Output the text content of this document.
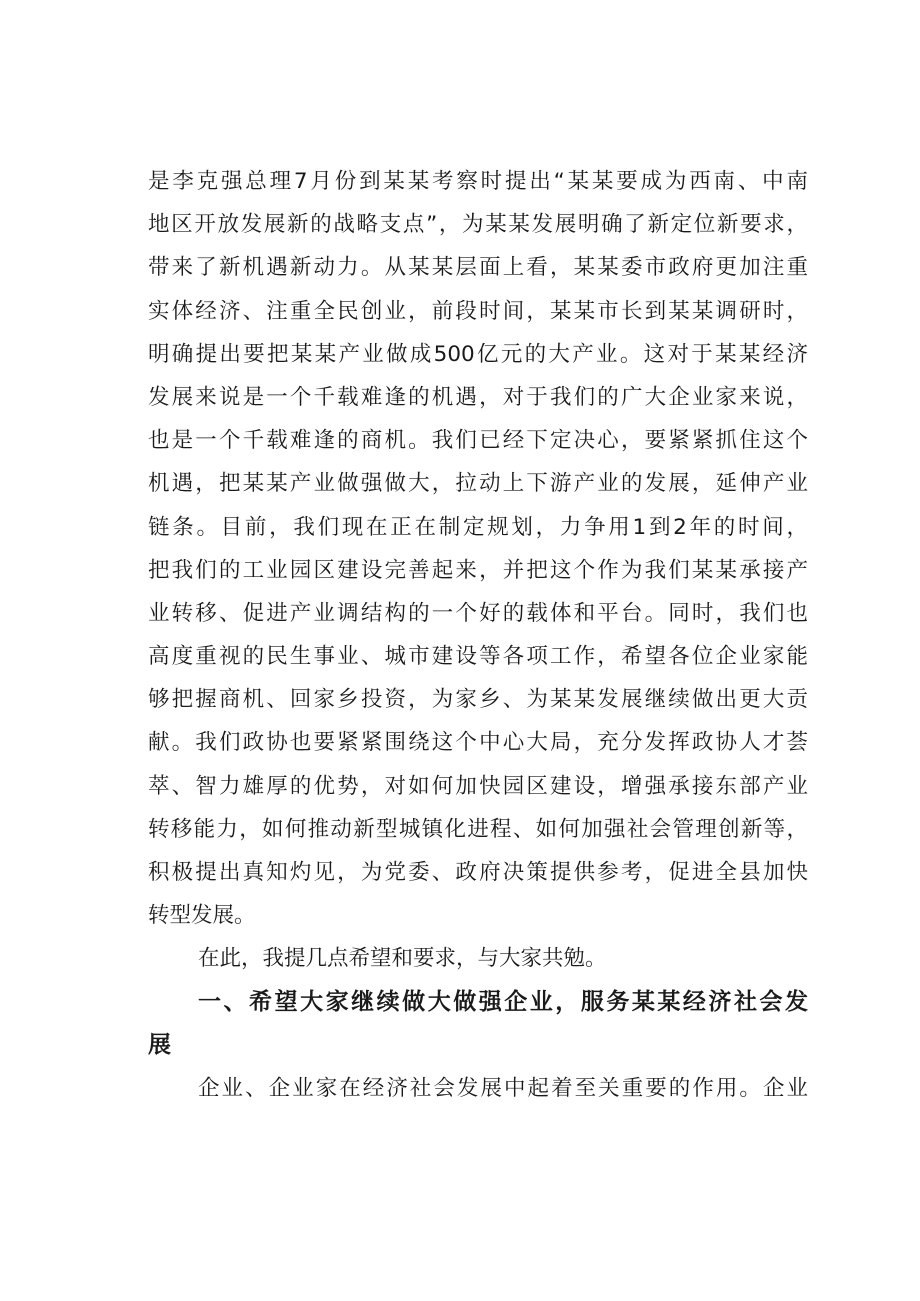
是李克强总理7月份到某某考察时提出“某某要成为西南、中南
地区开放发展新的战略支点”，为某某发展明确了新定位新要求，
带来了新机遇新动力。从某某层面上看，某某委市政府更加注重
实体经济、注重全民创业，前段时间，某某市长到某某调研时，
明确提出要把某某产业做成500亿元的大产业。这对于某某经济
发展来说是一个千载难逢的机遇，对于我们的广大企业家来说，
也是一个千载难逢的商机。我们已经下定决心，要紧紧抓住这个
机遇，把某某产业做强做大，拉动上下游产业的发展，延伸产业
链条。目前，我们现在正在制定规划，力争用1到2年的时间，
把我们的工业园区建设完善起来，并把这个作为我们某某承接产
业转移、促进产业调结构的一个好的载体和平台。同时，我们也
高度重视的民生事业、城市建设等各项工作，希望各位企业家能
够把握商机、回家乡投资，为家乡、为某某发展继续做出更大贡
献。我们政协也要紧紧围绕这个中心大局，充分发挥政协人才荟
萃、智力雄厚的优势，对如何加快园区建设，增强承接东部产业
转移能力，如何推动新型城镇化进程、如何加强社会管理创新等，
积极提出真知灼见，为党委、政府决策提供参考，促进全县加快
转型发展。
在此，我提几点希望和要求，与大家共勉。
一、希望大家继续做大做强企业，服务某某经济社会发
展
企业、企业家在经济社会发展中起着至关重要的作用。企业
